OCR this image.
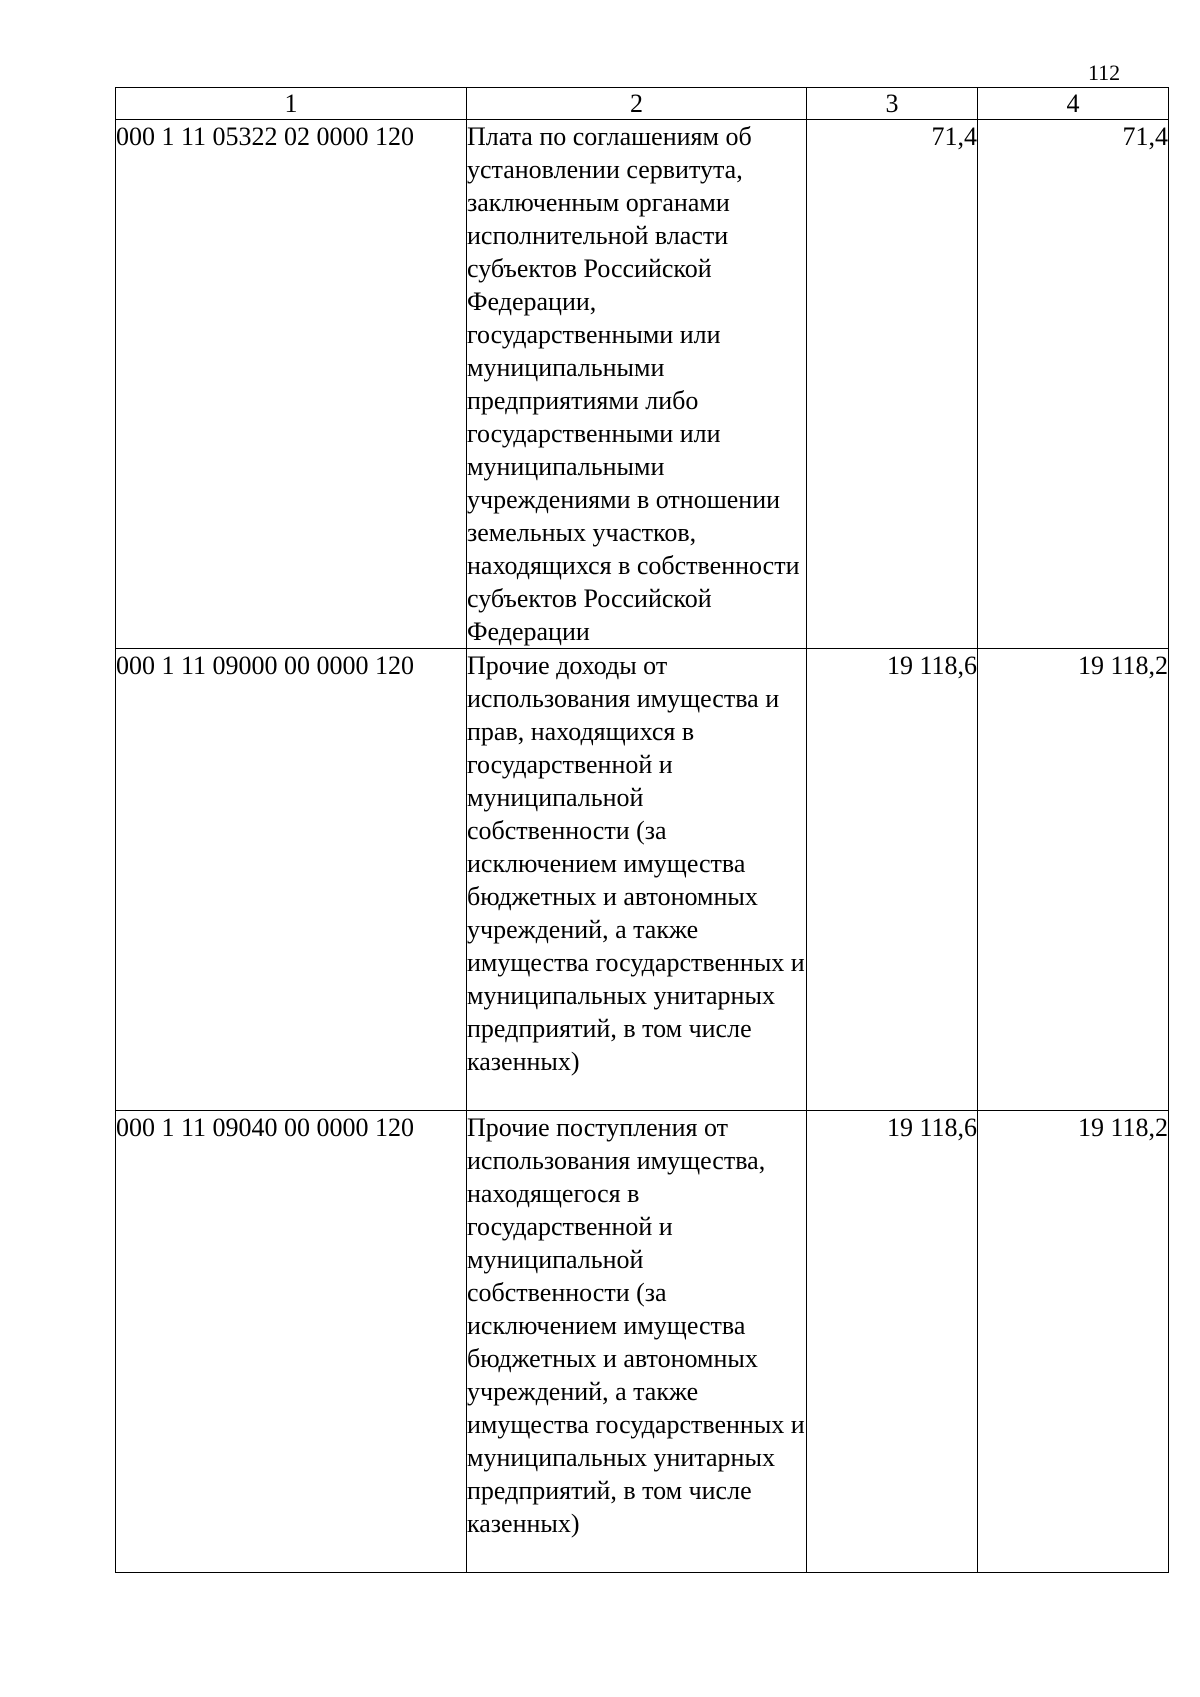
112
1	2	3	4
000 1 11 05322 02 0000 120	Плата по соглашениям об установлении сервитута, заключенным органами исполнительной власти субъектов Российской Федерации, государственными или муниципальными предприятиями либо государственными или муниципальными учреждениями в отношении земельных участков, находящихся в собственности субъектов Российской Федерации	71,4	71,4
000 1 11 09000 00 0000 120	Прочие доходы от использования имущества и прав, находящихся в государственной и муниципальной собственности (за исключением имущества бюджетных и автономных учреждений, а также имущества государственных и муниципальных унитарных предприятий, в том числе казенных)	19 118,6	19 118,2
000 1 11 09040 00 0000 120	Прочие поступления от использования имущества, находящегося в государственной и муниципальной собственности (за исключением имущества бюджетных и автономных учреждений, а также имущества государственных и муниципальных унитарных предприятий, в том числе казенных)	19 118,6	19 118,2
